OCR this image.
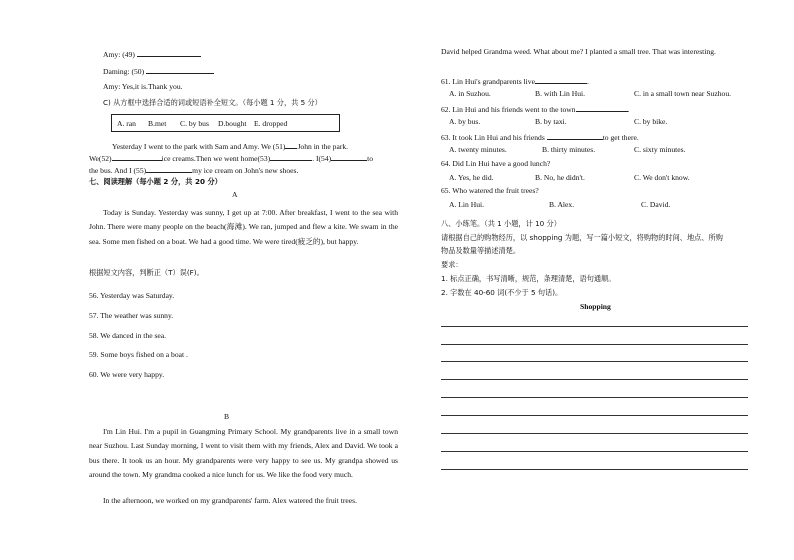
Amy: (49)
Daming: (50)
Amy: Yes,it is.Thank you.
C) 从方框中选择合适的词或短语补全短文。（每小题 1 分，共 5 分）
A. ran B.met C. by bus D.bought E. dropped
Yesterday I went to the park with Sam and Amy. We (51) John in the park.
We(52)	ice creams.Then we went home(53)	. I(54)	to
the bus. And I (55)	my ice cream on John's new shoes.
七、阅读理解（每小题 2 分，共 20 分）
A
Today is Sunday. Yesterday was sunny, I get up at 7:00. After breakfast, I went to the sea with John. There were many people on the beach(海滩). We ran, jumped and flew a kite. We swam in the sea. Some men fished on a boat. We had a good time. We were tired(疲乏的), but happy.
根据短文内容，判断正（T）误(F)。
56. Yesterday was Saturday.
57. The weather was sunny.
58. We danced in the sea.
59. Some boys fished on a boat .
60. We were very happy.
B
I'm Lin Hui. I'm a pupil in Guangming Primary School. My grandparents live in a small town near Suzhou. Last Sunday morning, I went to visit them with my friends, Alex and David. We took a bus there. It took us an hour. My grandparents were very happy to see us. My grandpa showed us around the town. My grandma cooked a nice lunch for us. We like the food very much.
In the afternoon, we worked on my grandparents' farm. Alex watered the fruit trees.
David helped Grandma weed. What about me? I planted a small tree. That was interesting.
61. Lin Hui's grandparents live	.
A. in Suzhou.	B. with Lin Hui.	C. in a small town near Suzhou.
62. Lin Hui and his friends went to the town	.
A. by bus.	B. by taxi.	C. by bike.
63. It took Lin Hui and his friends	to get there.
A. twenty minutes.	B. thirty minutes.	C. sixty minutes.
64. Did Lin Hui have a good lunch?
A. Yes, he did.	B. No, he didn't.	C. We don't know.
65. Who watered the fruit trees?
A. Lin Hui.	B. Alex.	C. David.
八、小练笔。（共 1 小题，计 10 分）
请根据自己的购物经历，以 shopping 为题，写一篇小短文，将购物的时间、地点、所购
物品及数量等描述清楚。
要求：
1. 标点正确，书写清晰，规范，条理清楚，语句通顺。
2. 字数在 40-60 词(不少于 5 句话)。
Shopping
